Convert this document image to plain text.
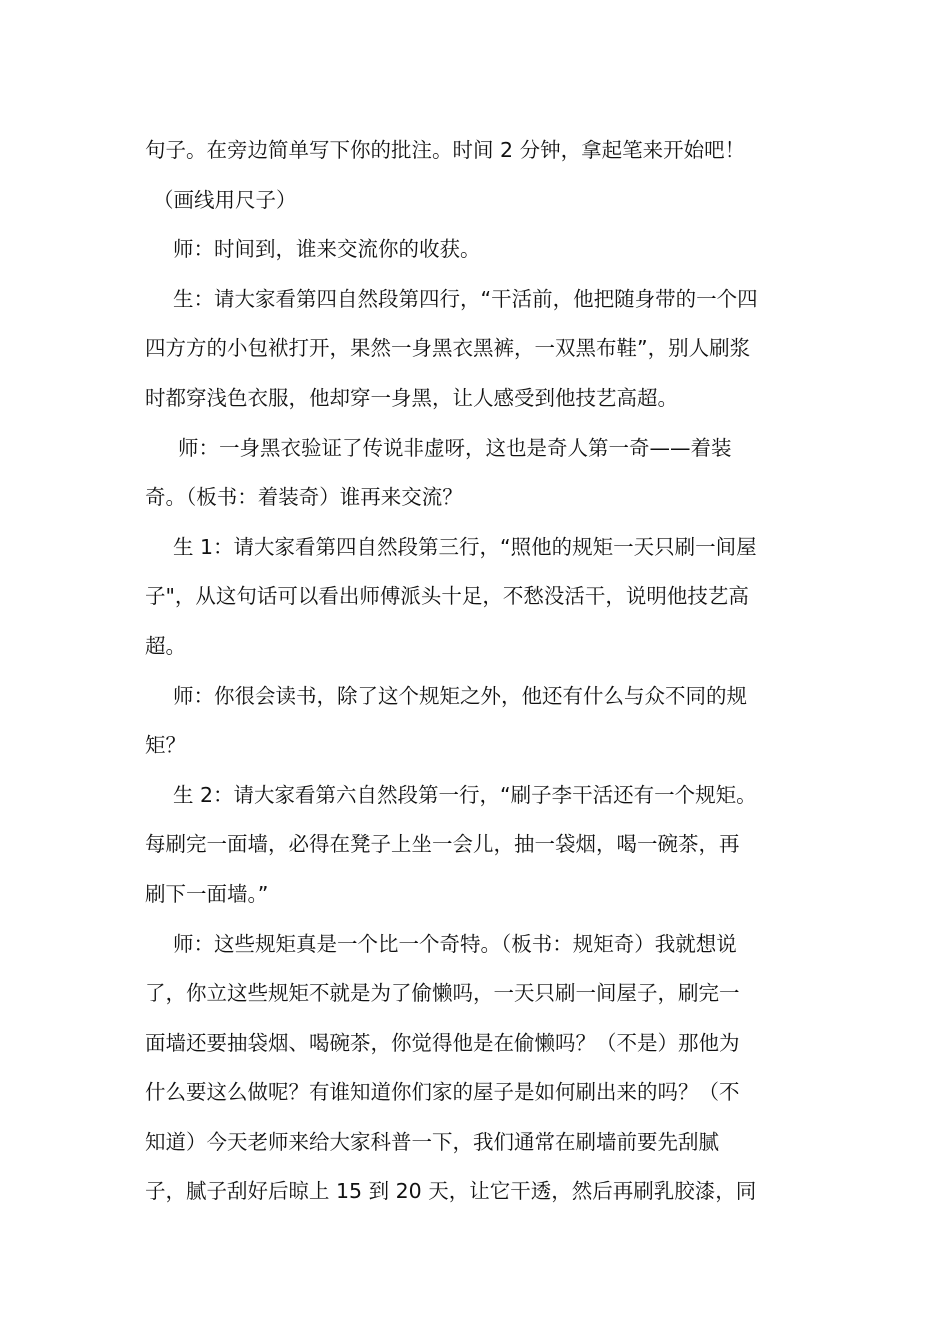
句子。在旁边简单写下你的批注。时间 2 分钟，拿起笔来开始吧！
（画线用尺子）
师：时间到，谁来交流你的收获。
生：请大家看第四自然段第四行，“干活前，他把随身带的一个四
四方方的小包袱打开，果然一身黑衣黑裤，一双黑布鞋”，别人刷浆
时都穿浅色衣服，他却穿一身黑，让人感受到他技艺高超。
师：一身黑衣验证了传说非虚呀，这也是奇人第一奇——着装
奇。（板书：着装奇）谁再来交流？
生 1：请大家看第四自然段第三行，“照他的规矩一天只刷一间屋
子"，从这句话可以看出师傅派头十足，不愁没活干，说明他技艺高
超。
师：你很会读书，除了这个规矩之外，他还有什么与众不同的规
矩？
生 2：请大家看第六自然段第一行，“刷子李干活还有一个规矩。
每刷完一面墙，必得在凳子上坐一会儿，抽一袋烟，喝一碗茶，再
刷下一面墙。”
师：这些规矩真是一个比一个奇特。（板书：规矩奇）我就想说
了，你立这些规矩不就是为了偷懒吗，一天只刷一间屋子，刷完一
面墙还要抽袋烟、喝碗茶，你觉得他是在偷懒吗？（不是）那他为
什么要这么做呢？有谁知道你们家的屋子是如何刷出来的吗？（不
知道）今天老师来给大家科普一下，我们通常在刷墙前要先刮腻
子，腻子刮好后晾上 15 到 20 天，让它干透，然后再刷乳胶漆，同
